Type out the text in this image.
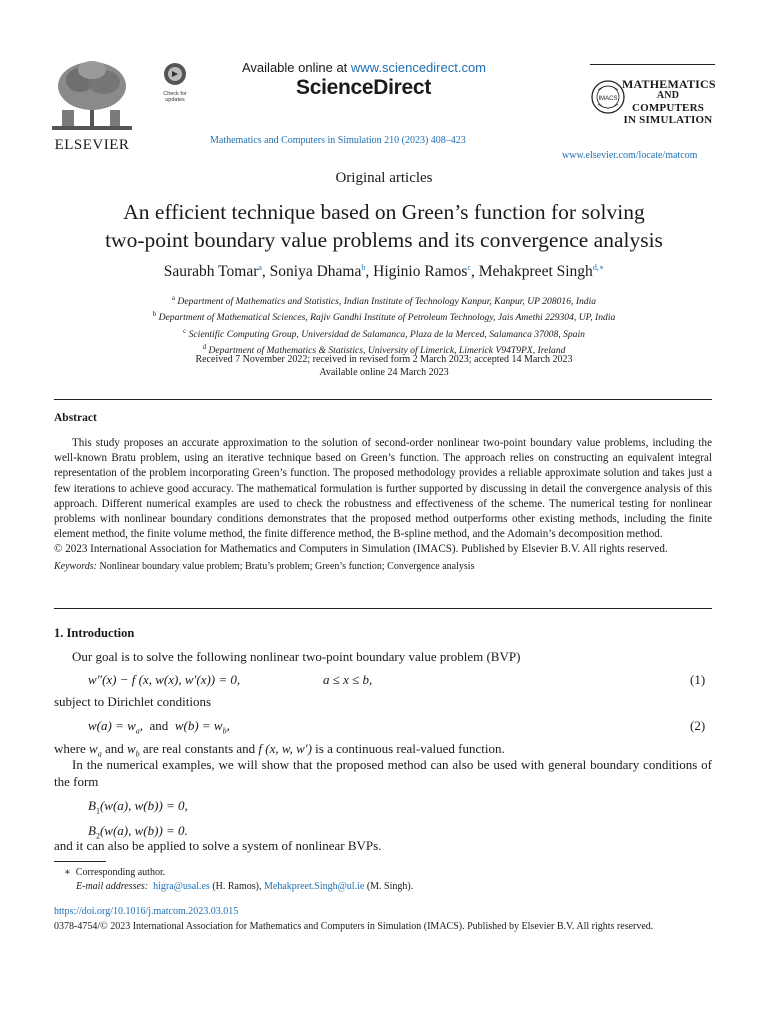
ELSEVIER
Check for
updates
Available online at www.sciencedirect.com
ScienceDirect
Mathematics and Computers in Simulation 210 (2023) 408–423
IMACS
MATHEMATICS
AND
COMPUTERS
IN SIMULATION
www.elsevier.com/locate/matcom
Original articles
An efficient technique based on Green’s function for solving
two-point boundary value problems and its convergence analysis
Saurabh Tomar$^a$, Soniya Dhama$^b$, Higinio Ramos$^c$, Mehakpreet Singh$^{d,∗}$
$^a$ Department of Mathematics and Statistics, Indian Institute of Technology Kanpur, Kanpur, UP 208016, India
$^b$ Department of Mathematical Sciences, Rajiv Gandhi Institute of Petroleum Technology, Jais Amethi 229304, UP, India
$^c$ Scientific Computing Group, Universidad de Salamanca, Plaza de la Merced, Salamanca 37008, Spain
$^d$ Department of Mathematics & Statistics, University of Limerick, Limerick V94T9PX, Ireland
Received 7 November 2022; received in revised form 2 March 2023; accepted 14 March 2023
Available online 24 March 2023
Abstract

This study proposes an accurate approximation to the solution of second-order nonlinear two-point boundary value problems, including the well-known Bratu problem, using an iterative technique based on Green’s function. The approach relies on constructing an equivalent integral representation of the problem incorporating Green’s function. The proposed methodology provides a reliable approximate solution and takes just a few iterations to achieve good accuracy. The mathematical formulation is further supported by discussing in detail the convergence analysis of this approach. Different numerical examples are used to check the robustness and effectiveness of the scheme. The numerical testing for nonlinear problems with nonlinear boundary conditions demonstrates that the proposed method outperforms other existing methods, including the finite element method, the finite volume method, the finite difference method, the B-spline method, and the Adomain’s decomposition method.

© 2023 International Association for Mathematics and Computers in Simulation (IMACS). Published by Elsevier B.V. All rights reserved.

Keywords: Nonlinear boundary value problem; Bratu’s problem; Green’s function; Convergence analysis

1. Introduction
Our goal is to solve the following nonlinear two-point boundary value problem (BVP)
w″(x) − f (x, w(x), w′(x)) = 0,	a ≤ x ≤ b,	(1)
subject to Dirichlet conditions
$w(a) = w_a$,  and  $w(b) = w_b$,	(2)
where $w_a$ and $w_b$ are real constants and f (x, w, w′) is a continuous real-valued function.

In the numerical examples, we will show that the proposed method can also be used with general boundary conditions of the form

$B_1(w(a)$, w(b)) = 0,
$B_2(w(a)$, w(b)) = 0.
and it can also be applied to solve a system of nonlinear BVPs.
∗ Corresponding author.
E-mail addresses: higra@usal.es (H. Ramos), Mehakpreet.Singh@ul.ie (M. Singh).
https://doi.org/10.1016/j.matcom.2023.03.015

0378-4754/© 2023 International Association for Mathematics and Computers in Simulation (IMACS). Published by Elsevier B.V. All rights reserved.
